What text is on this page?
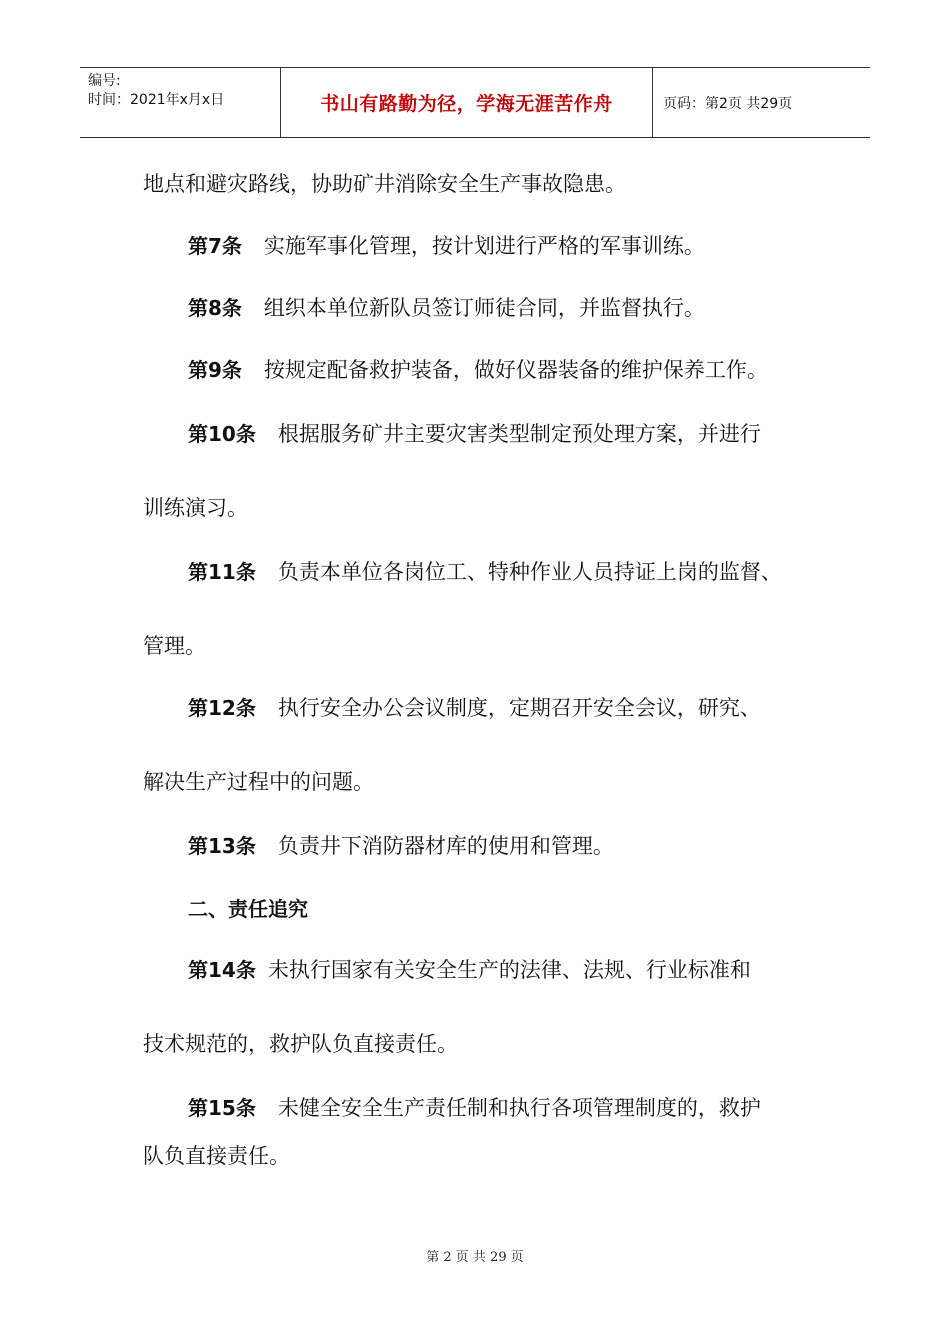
编号:
时间：2021年x月x日	书山有路勤为径，学海无涯苦作舟	页码：第2页 共29页
地点和避灾路线，协助矿井消除安全生产事故隐患。
第7条 实施军事化管理，按计划进行严格的军事训练。
第8条 组织本单位新队员签订师徒合同，并监督执行。
第9条 按规定配备救护装备，做好仪器装备的维护保养工作。
第10条 根据服务矿井主要灾害类型制定预处理方案，并进行
训练演习。
第11条 负责本单位各岗位工、特种作业人员持证上岗的监督、
管理。
第12条 执行安全办公会议制度，定期召开安全会议，研究、
解决生产过程中的问题。
第13条 负责井下消防器材库的使用和管理。
二、责任追究
第14条 未执行国家有关安全生产的法律、法规、行业标准和
技术规范的，救护队负直接责任。
第15条 未健全安全生产责任制和执行各项管理制度的，救护
队负直接责任。
第 2 页 共 29 页
